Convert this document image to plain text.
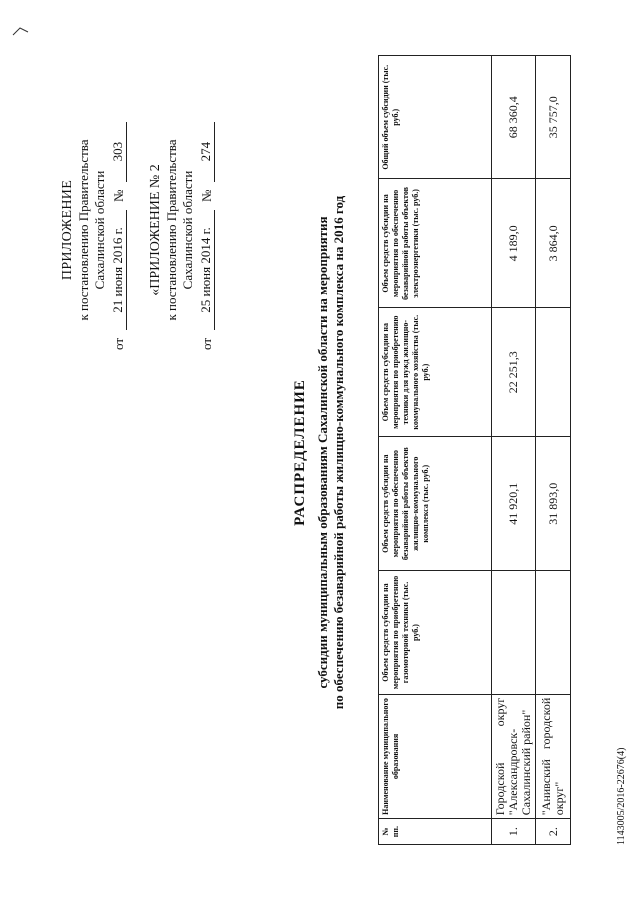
ПРИЛОЖЕНИЕ к постановлению Правительства Сахалинской области
от
21 июня 2016 г.
№
303
«ПРИЛОЖЕНИЕ № 2 к постановлению Правительства Сахалинской области
от
25 июня 2014 г.
№
274
РАСПРЕДЕЛЕНИЕ субсидии муниципальным образованиям Сахалинской области на мероприятия по обеспечению безаварийной работы жилищно-коммунального комплекса на 2016 год
№ пп.	Наименование муниципального образования	Объем средств субсидии на мероприятия по приобретению газомоторной техники (тыс. руб.)	Объем средств субсидии на мероприятия по обеспечению безаварийной работы объектов жилищно-коммунального комплекса (тыс. руб.)	Объем средств субсидии на мероприятия по приобретению техники для нужд жилищно-коммунального хозяйства (тыс. руб.)	Объем средств субсидии на мероприятия по обеспечению безаварийной работы объектов электроэнергетики (тыс. руб.)	Общий объем субсидии (тыс. руб.)
1.	Городской округ "Александровск-Сахалинский район"		41 920,1	22 251,3	4 189,0	68 360,4
2.	"Анивский городской округ"		31 893,0		3 864,0	35 757,0
1143005/2016-22676(4)
